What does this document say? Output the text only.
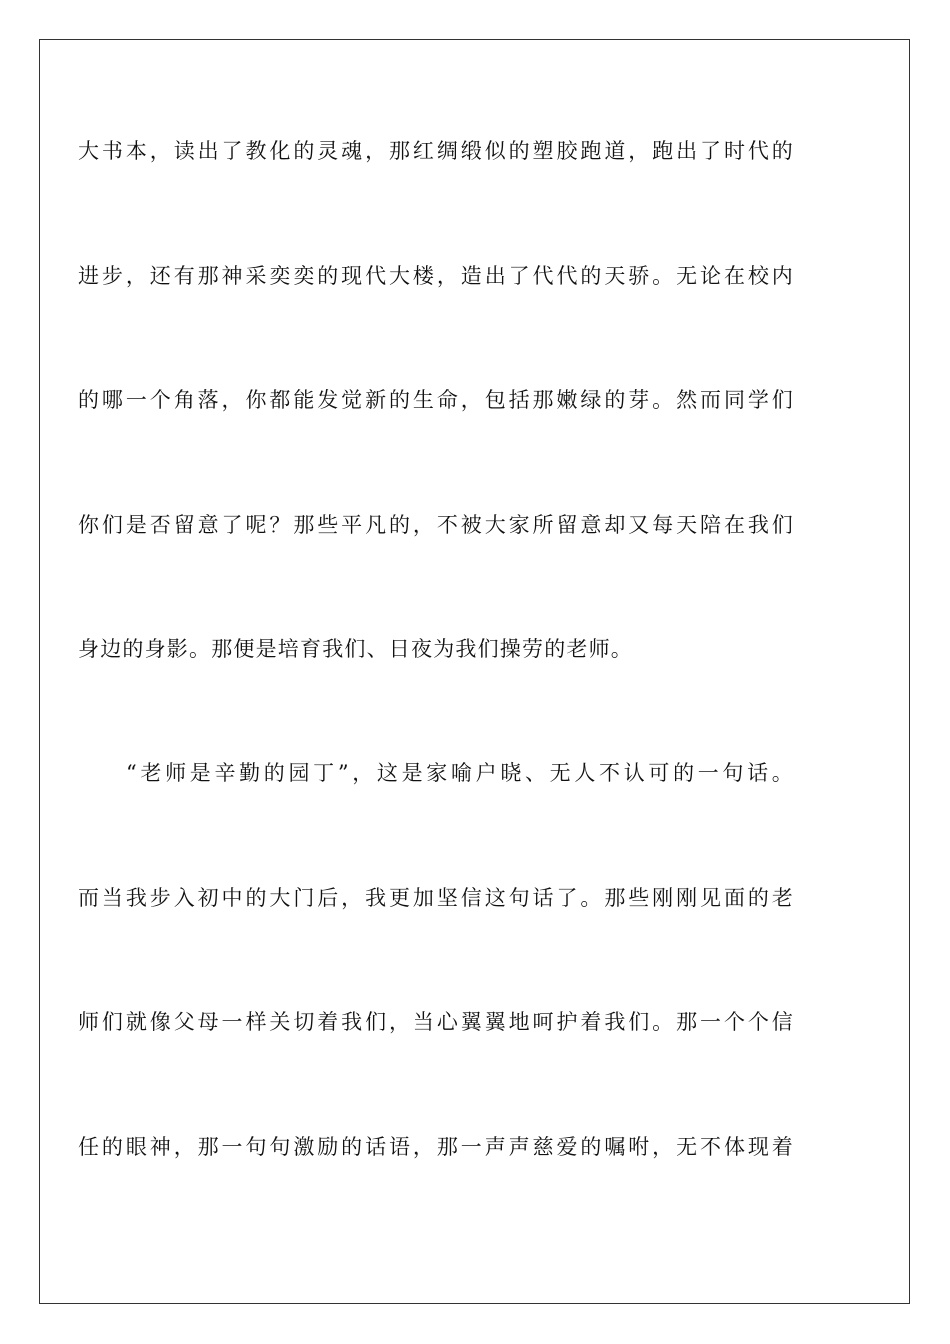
大书本，读出了教化的灵魂，那红绸缎似的塑胶跑道，跑出了时代的
进步，还有那神采奕奕的现代大楼，造出了代代的天骄。无论在校内
的哪一个角落，你都能发觉新的生命，包括那嫩绿的芽。然而同学们
你们是否留意了呢？那些平凡的，不被大家所留意却又每天陪在我们
身边的身影。那便是培育我们、日夜为我们操劳的老师。
“老师是辛勤的园丁”，这是家喻户晓、无人不认可的一句话。
而当我步入初中的大门后，我更加坚信这句话了。那些刚刚见面的老
师们就像父母一样关切着我们，当心翼翼地呵护着我们。那一个个信
任的眼神，那一句句激励的话语，那一声声慈爱的嘱咐，无不体现着
